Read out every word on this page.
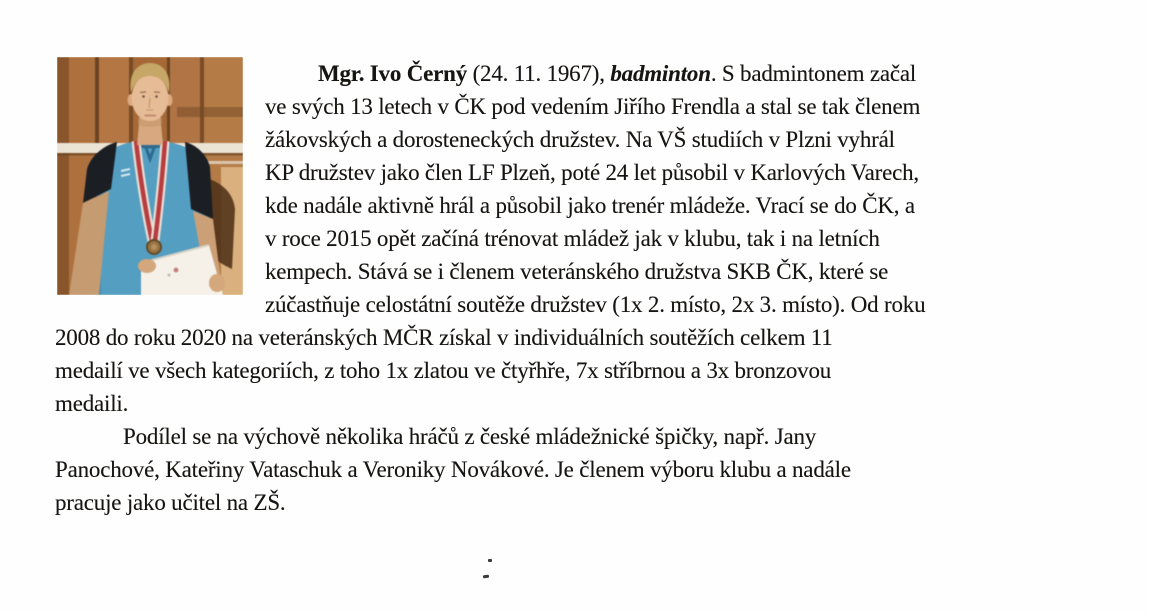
Mgr. Ivo Černý (24. 11. 1967), badminton. S badmintonem začal
ve svých 13 letech v ČK pod vedením Jiřího Frendla a stal se tak členem
žákovských a dorosteneckých družstev. Na VŠ studiích v Plzni vyhrál
KP družstev jako člen LF Plzeň, poté 24 let působil v Karlových Varech,
kde nadále aktivně hrál a působil jako trenér mládeže. Vrací se do ČK, a
v roce 2015 opět začíná trénovat mládež jak v klubu, tak i na letních
kempech. Stává se i členem veteránského družstva SKB ČK, které se
zúčastňuje celostátní soutěže družstev (1x 2. místo, 2x 3. místo). Od roku
2008 do roku 2020 na veteránských MČR získal v individuálních soutěžích celkem 11
medailí ve všech kategoriích, z toho 1x zlatou ve čtyřhře, 7x stříbrnou a 3x bronzovou
medaili.
Podílel se na výchově několika hráčů z české mládežnické špičky, např. Jany
Panochové, Kateřiny Vataschuk a Veroniky Novákové. Je členem výboru klubu a nadále
pracuje jako učitel na ZŠ.
